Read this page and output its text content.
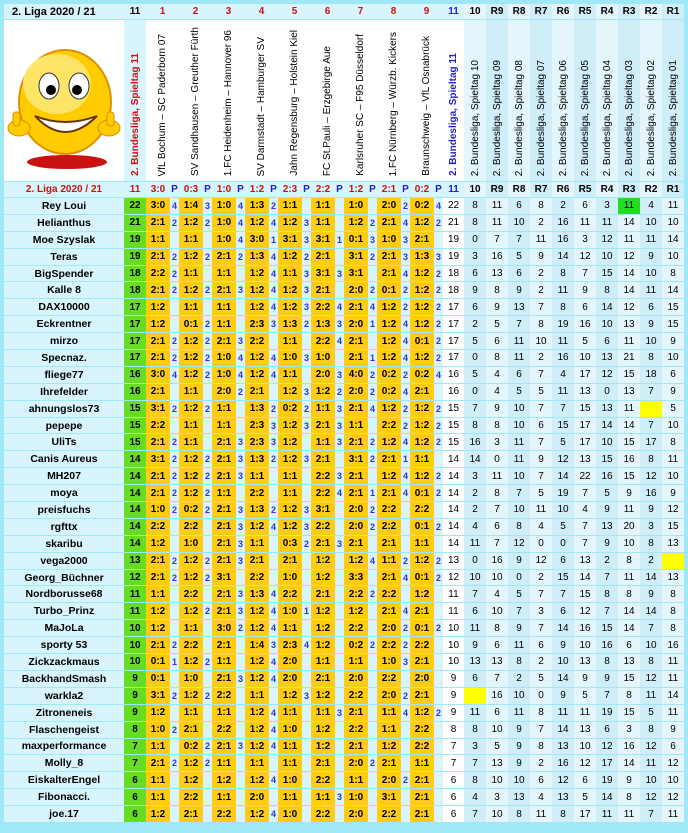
2. Liga 2020 / 21	11	1		2		3		4		5		6		7		8		9		11	10	R9	R8	R7	R6	R5	R4	R3	R2	R1
	2. Bundesliga, Spieltag 11	VfL Bochum – SC Paderborn 07		SV Sandhausen – Greuther Fürth		1.FC Heidenheim – Hannover 96		SV Darmstadt – Hamburger SV		Jahn Regensburg – Holstein Kiel		FC St.Pauli – Erzgebirge Aue		Karlsruher SC – F95 Düsseldorf		1.FC Nürnberg – Würzb. Kickers		Braunschweig – VfL Osnabrück		2. Bundesliga, Spieltag 11	2. Bundesliga, Spieltag 10	2. Bundesliga, Spieltag 09	2. Bundesliga, Spieltag 08	2. Bundesliga, Spieltag 07	2. Bundesliga, Spieltag 06	2. Bundesliga, Spieltag 05	2. Bundesliga, Spieltag 04	2. Bundesliga, Spieltag 03	2. Bundesliga, Spieltag 02	2. Bundesliga, Spieltag 01
2. Liga 2020 / 21	11	3:0	P	0:3	P	1:0	P	1:2	P	2:3	P	2:2	P	1:2	P	2:1	P	0:2	P	11	10	R9	R8	R7	R6	R5	R4	R3	R2	R1
Rey Loui	22	3:0	4	1:4	3	1:0	4	1:3	2	1:1		1:1		1:0		2:0	2	0:2	4	22	8	11	6	8	2	6	3	11	4	11
Helianthus	21	2:1	2	1:2	2	1:0	4	1:2	4	1:2	3	1:1		1:2	2	2:1	4	1:2	2	21	8	11	10	2	16	11	11	14	10	10
Moe Szyslak	19	1:1		1:1		1:0	4	3:0	1	3:1	3	3:1	1	0:1	3	1:0	3	2:1		19	0	7	7	11	16	3	12	11	11	14
Teras	19	2:1	2	1:2	2	2:1	2	1:3	4	1:2	2	2:1		3:1	2	2:1	3	1:3	3	19	3	16	5	9	14	12	10	12	9	10
BigSpender	18	2:2	2	1:1		1:1		1:2	4	1:1	3	3:1	3	3:1		2:1	4	1:2	2	18	6	13	6	2	8	7	15	14	10	8
Kalle 8	18	2:1	2	1:2	2	2:1	3	1:2	4	1:2	3	2:1		2:0	2	0:1	2	1:2	2	18	9	8	9	2	11	9	8	14	11	14
DAX10000	17	1:2		1:1		1:1		1:2	4	1:2	3	2:2	4	2:1	4	1:2	2	1:2	2	17	6	9	13	7	8	6	14	12	6	15
Eckrentner	17	1:2		0:1	2	1:1		2:3	3	1:3	2	1:3	3	2:0	1	1:2	4	1:2	2	17	2	5	7	8	19	16	10	13	9	15
mirzo	17	2:1	2	1:2	2	2:1	3	2:2		1:1		2:2	4	2:1		1:2	4	0:1	2	17	5	6	11	10	11	5	6	11	10	9
Specnaz.	17	2:1	2	1:2	2	1:0	4	1:2	4	1:0	3	1:0		2:1	1	1:2	4	1:2	2	17	0	8	11	2	16	10	13	21	8	10
fliege77	16	3:0	4	1:2	2	1:0	4	1:2	4	1:1		2:0	3	4:0	2	0:2	2	0:2	4	16	5	4	6	7	4	17	12	15	18	6
Ihrefelder	16	2:1		1:1		2:0	2	2:1		1:2	3	1:2	2	2:0	2	0:2	4	2:1		16	0	4	5	5	11	13	0	13	7	9
ahnungslos73	15	3:1	2	1:2	2	1:1		1:3	2	0:2	2	1:1	3	2:1	4	1:2	2	1:2	2	15	7	9	10	7	7	15	13	11		5
pepepe	15	2:2		1:1		1:1		2:3	3	1:2	3	2:1	3	1:1		2:2	2	1:2	2	15	8	8	10	6	15	17	14	14	7	10
UliTs	15	2:1	2	1:1		2:1	3	2:3	3	1:2		1:1	3	2:1	2	1:2	4	1:2	2	15	16	3	11	7	5	17	10	15	17	8
Canis Aureus	14	3:1	2	1:2	2	2:1	3	1:3	2	1:2	3	2:1		3:1	2	2:1	1	1:1		14	14	0	11	9	12	13	15	16	8	11
MH207	14	2:1	2	1:2	2	2:1	3	1:1		1:1		2:2	3	2:1		1:2	4	1:2	2	14	3	11	10	7	14	22	16	15	12	10
moya	14	2:1	2	1:2	2	1:1		2:2		1:1		2:2	4	2:1	1	2:1	4	0:1	2	14	2	8	7	5	19	7	5	9	16	9
preisfuchs	14	1:0	2	0:2	2	2:1	3	1:3	2	1:2	3	3:1		2:0	2	2:2		2:2		14	2	7	10	11	10	4	9	11	9	12
rgfttx	14	2:2		2:2		2:1	3	1:2	4	1:2	3	2:2		2:0	2	2:2		0:1	2	14	4	6	8	4	5	7	13	20	3	15
skaribu	14	1:2		1:0		2:1	3	1:1		0:3	2	2:1	3	2:1		2:1		1:1		14	11	7	12	0	0	7	9	10	8	13
vega2000	13	2:1	2	1:2	2	2:1	3	2:1		2:1		1:2		1:2	4	1:1	2	1:2	2	13	0	16	9	12	6	13	2	8	2	
Georg_Büchner	12	2:1	2	1:2	2	3:1		2:2		1:0		1:2		3:3		2:1	4	0:1	2	12	10	10	0	2	15	14	7	11	14	13
Nordborusse68	11	1:1		2:2		2:1	3	1:3	4	2:2		2:1		2:2	2	2:2		1:2		11	7	4	5	7	7	15	8	8	9	8
Turbo_Prinz	11	1:2		1:2	2	2:1	3	1:2	4	1:0	1	1:2		1:2		2:1	4	2:1		11	6	10	7	3	6	12	7	14	14	8
MaJoLa	10	1:2		1:1		3:0	2	1:2	4	1:1		1:2		2:2		2:0	2	0:1	2	10	11	8	9	7	14	16	15	14	7	8
sporty 53	10	2:1	2	2:2		2:1		1:4	3	2:3	4	1:2		0:2	2	2:2	2	2:2		10	9	6	11	6	9	10	16	6	10	16
Zickzackmaus	10	0:1	1	1:2	2	1:1		1:2	4	2:0		1:1		1:1		1:0	3	2:1		10	13	13	8	2	10	13	8	13	8	11
BackhandSmash	9	0:1		1:0		2:1	3	1:2	4	2:0		2:1		2:0		2:2		2:0		9	6	7	2	5	14	9	9	15	12	11
warkla2	9	3:1	2	1:2	2	2:2		1:1		1:2	3	1:2		2:2		2:0	2	2:1		9		16	10	0	9	5	7	8	11	14
Zitroneneis	9	1:2		1:1		1:1		1:2	4	1:1		1:1	3	2:1		1:1	4	1:2	2	9	11	6	11	8	11	11	19	15	5	11
Flaschengeist	8	1:0	2	2:1		2:2		1:2	4	1:0		1:2		2:2		1:1		2:2		8	8	10	9	7	14	13	6	3	8	9
maxperformance	7	1:1		0:2	2	2:1	3	1:2	4	1:1		1:2		2:1		1:2		2:2		7	3	5	9	8	13	10	12	16	12	6
Molly_8	7	2:1	2	1:2	2	1:1		1:1		1:1		2:1		2:0	2	2:1		1:1		7	7	13	9	2	16	12	17	14	11	12
EiskalterEngel	6	1:1		1:2		1:2		1:2	4	1:0		2:2		1:1		2:0	2	2:1		6	8	10	10	6	12	6	19	9	10	10
Fibonacci.	6	1:1		2:2		1:1		2:0		1:1		1:1	3	1:0		3:1		2:1		6	4	3	13	4	13	5	14	8	12	12
joe.17	6	1:2		2:1		2:2		1:2	4	1:0		2:2		2:0		2:2		2:1		6	7	10	8	11	8	17	11	11	7	11
